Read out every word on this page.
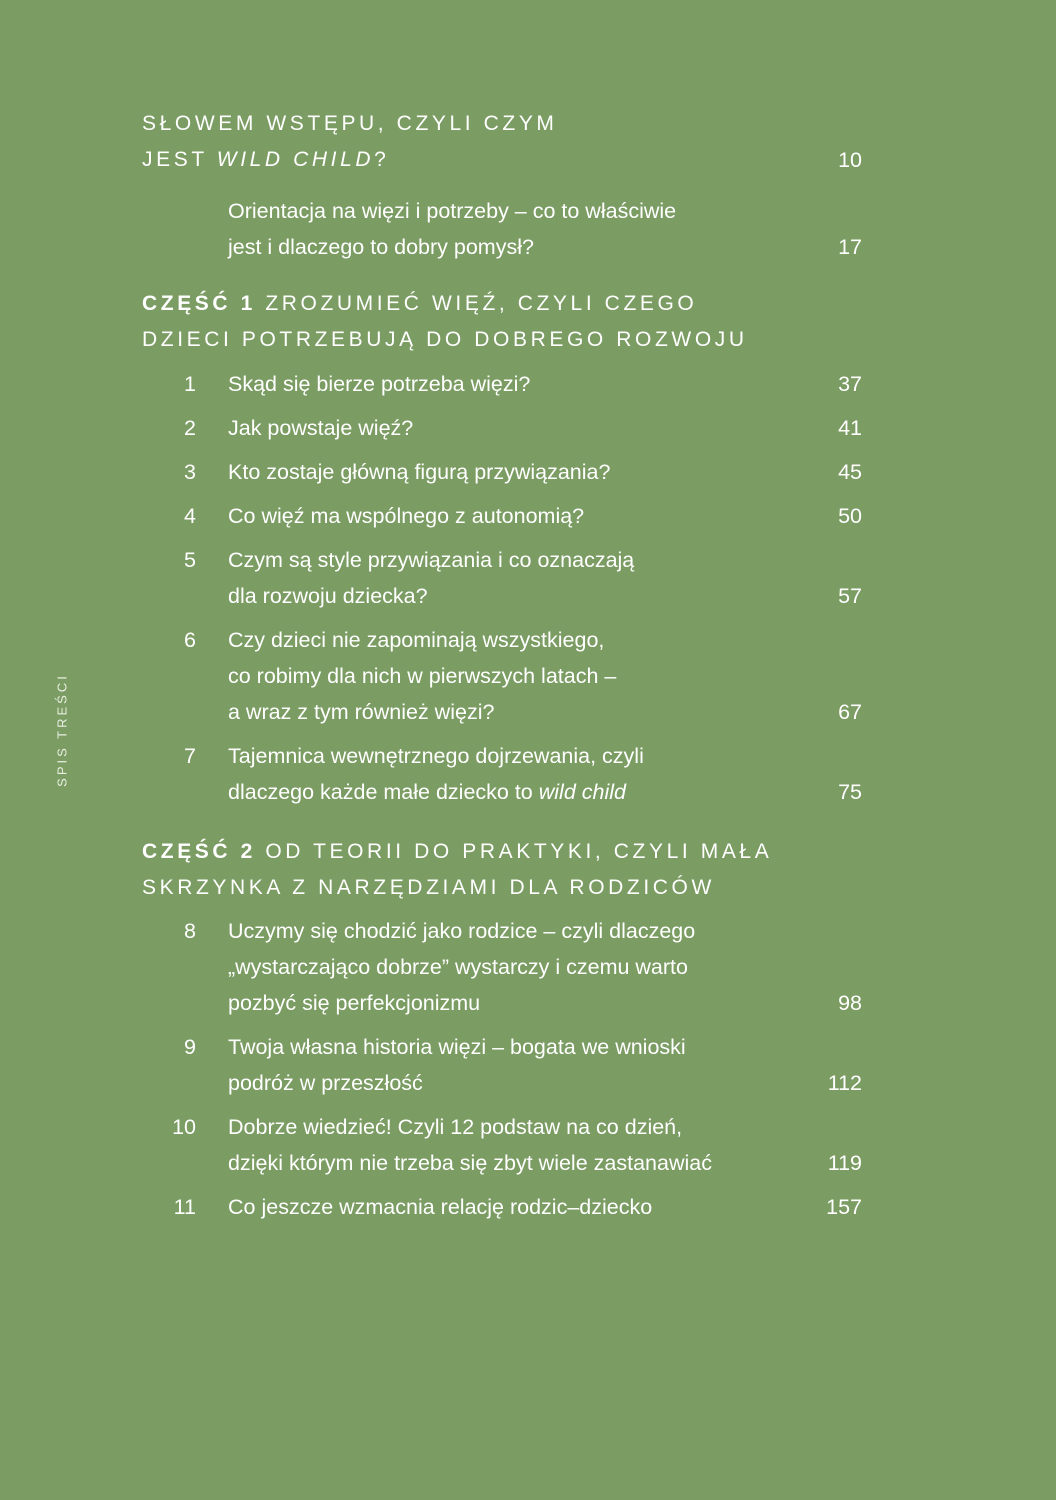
SPIS TREŚCI
SŁOWEM WSTĘPU, CZYLI CZYM
JEST WILD CHILD?	10
Orientacja na więzi i potrzeby – co to właściwie
jest i dlaczego to dobry pomysł?	17
CZĘŚĆ 1 ZROZUMIEĆ WIĘŹ, CZYLI CZEGO
DZIECI POTRZEBUJĄ DO DOBREGO ROZWOJU
1 Skąd się bierze potrzeba więzi?	37
2 Jak powstaje więź?	41
3 Kto zostaje główną figurą przywiązania?	45
4 Co więź ma wspólnego z autonomią?	50
5 Czym są style przywiązania i co oznaczają
dla rozwoju dziecka?	57
6 Czy dzieci nie zapominają wszystkiego,
co robimy dla nich w pierwszych latach –
a wraz z tym również więzi?	67
7 Tajemnica wewnętrznego dojrzewania, czyli
dlaczego każde małe dziecko to wild child	75
CZĘŚĆ 2 OD TEORII DO PRAKTYKI, CZYLI MAŁA
SKRZYNKA Z NARZĘDZIAMI DLA RODZICÓW
8 Uczymy się chodzić jako rodzice – czyli dlaczego
„wystarczająco dobrze” wystarczy i czemu warto
pozbyć się perfekcjonizmu	98
9 Twoja własna historia więzi – bogata we wnioski
podróż w przeszłość	112
10 Dobrze wiedzieć! Czyli 12 podstaw na co dzień,
dzięki którym nie trzeba się zbyt wiele zastanawiać	119
11 Co jeszcze wzmacnia relację rodzic–dziecko	157
